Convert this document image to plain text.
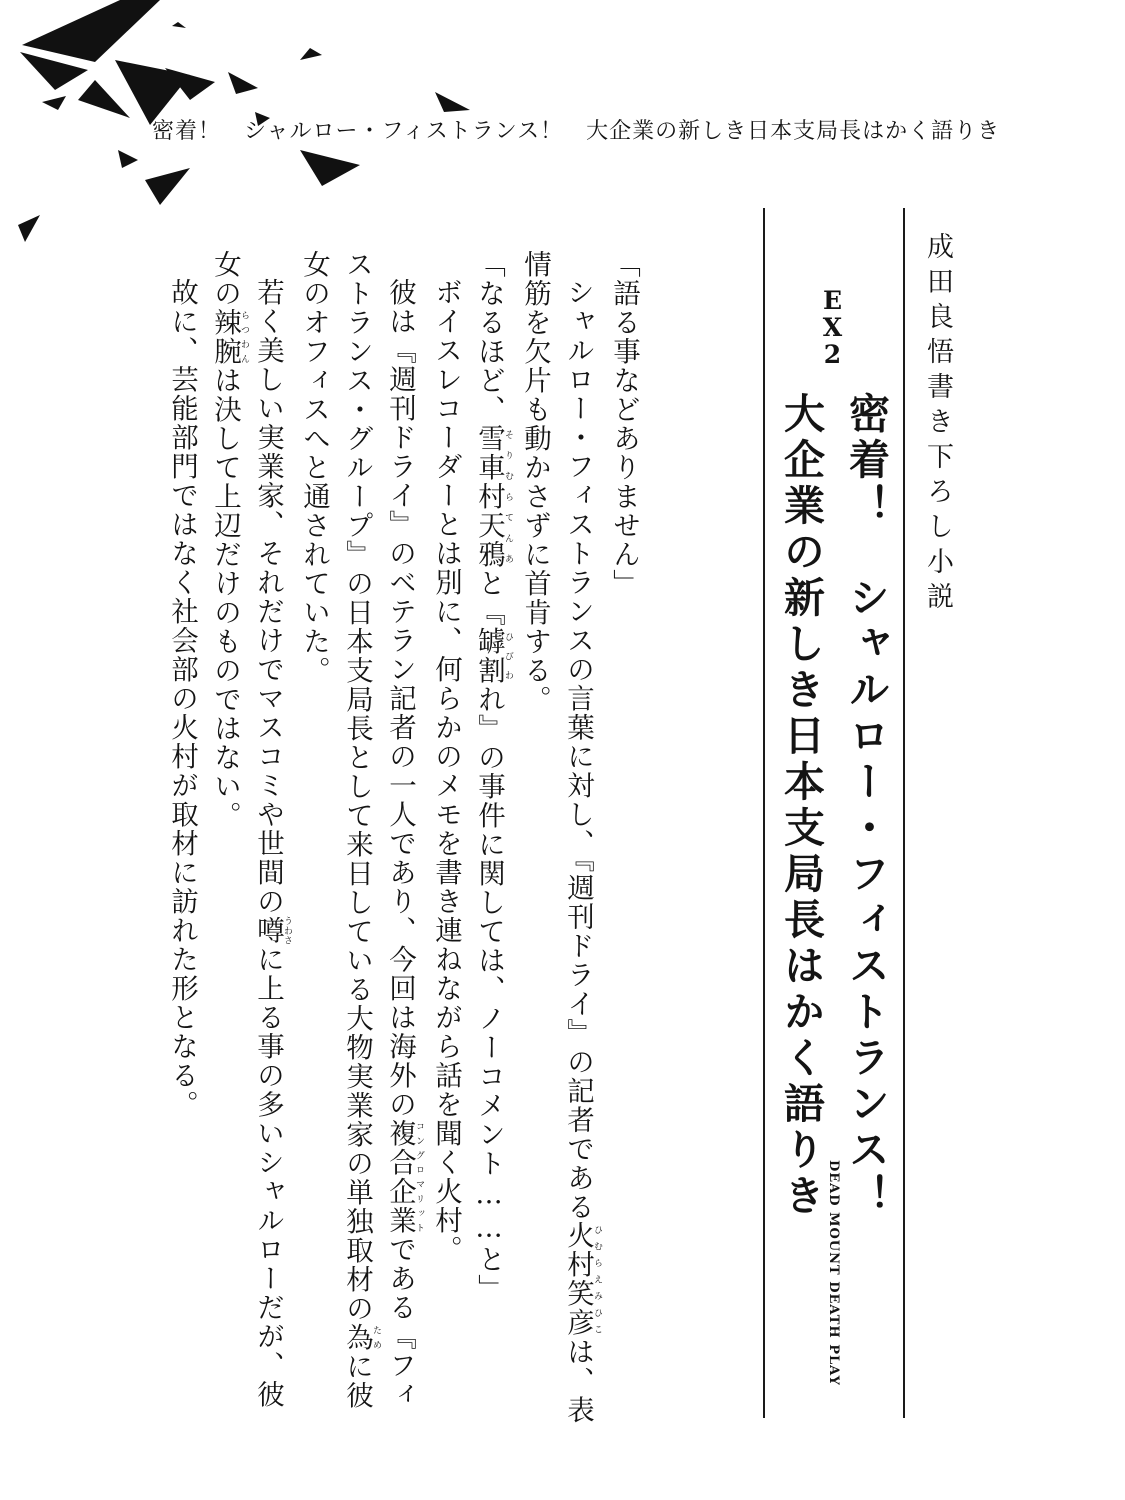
密着！　シャルロー・フィストランス！　大企業の新しき日本支局長はかく語りき
成田良悟書き下ろし小説
EX2
密着！　シャルロー・フィストランス！
大企業の新しき日本支局長はかく語りき
DEAD MOUNT DEATH PLAY

「語る事などありません」

シャルロー・フィストランスの言葉に対し、『週刊ドライ』の記者である火村笑彦ひむらえみひこは、表情筋を欠片も動かさずに首肯する。

「なるほど、雪車村天鴉そりむらてんあと『罅割ひびわれ』の事件に関しては、ノーコメント……と」

ボイスレコーダーとは別に、何らかのメモを書き連ねながら話を聞く火村。

彼は『週刊ドライ』のベテラン記者の一人であり、今回は海外の複合企業コングロマリットである『フィストランス・グループ』の日本支局長として来日している大物実業家の単独取材の為ために彼女のオフィスへと通されていた。

若く美しい実業家、それだけでマスコミや世間の噂うわさに上る事の多いシャルローだが、彼女の辣腕らつわんは決して上辺だけのものではない。

故に、芸能部門ではなく社会部の火村が取材に訪れた形となる。
